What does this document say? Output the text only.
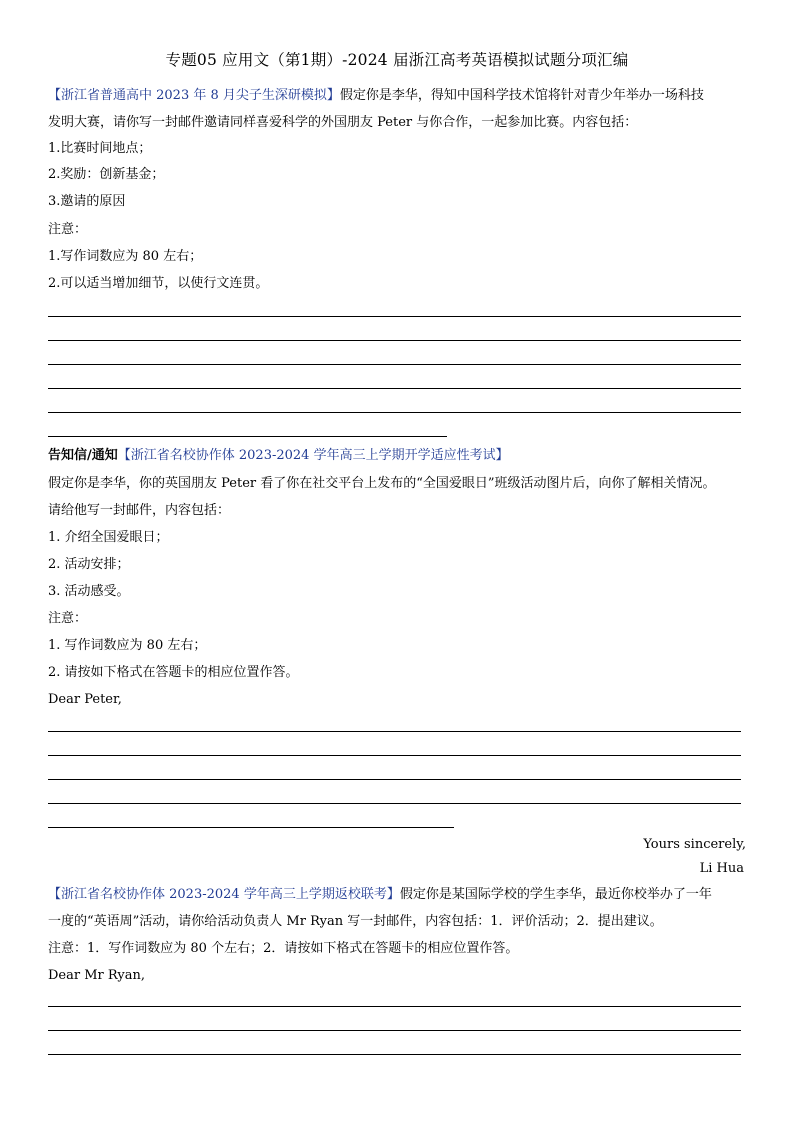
专题05 应用文（第1期）-2024 届浙江高考英语模拟试题分项汇编
【浙江省普通高中 2023 年 8 月尖子生深研模拟】假定你是李华，得知中国科学技术馆将针对青少年举办一场科技
发明大赛，请你写一封邮件邀请同样喜爱科学的外国朋友 Peter 与你合作，一起参加比赛。内容包括：
1.比赛时间地点；
2.奖励：创新基金；
3.邀请的原因
注意：
1.写作词数应为 80 左右；
2.可以适当增加细节，以使行文连贯。
告知信/通知【浙江省名校协作体 2023-2024 学年高三上学期开学适应性考试】
假定你是李华，你的英国朋友 Peter 看了你在社交平台上发布的“全国爱眼日”班级活动图片后，向你了解相关情况。
请给他写一封邮件，内容包括：
1. 介绍全国爱眼日；
2. 活动安排；
3. 活动感受。
注意：
1. 写作词数应为 80 左右；
2. 请按如下格式在答题卡的相应位置作答。
Dear Peter,
Yours sincerely,
Li Hua
【浙江省名校协作体 2023-2024 学年高三上学期返校联考】假定你是某国际学校的学生李华，最近你校举办了一年
一度的“英语周”活动，请你给活动负责人 Mr Ryan 写一封邮件，内容包括：1．评价活动；2．提出建议。
注意：1．写作词数应为 80 个左右；2．请按如下格式在答题卡的相应位置作答。
Dear Mr Ryan,
